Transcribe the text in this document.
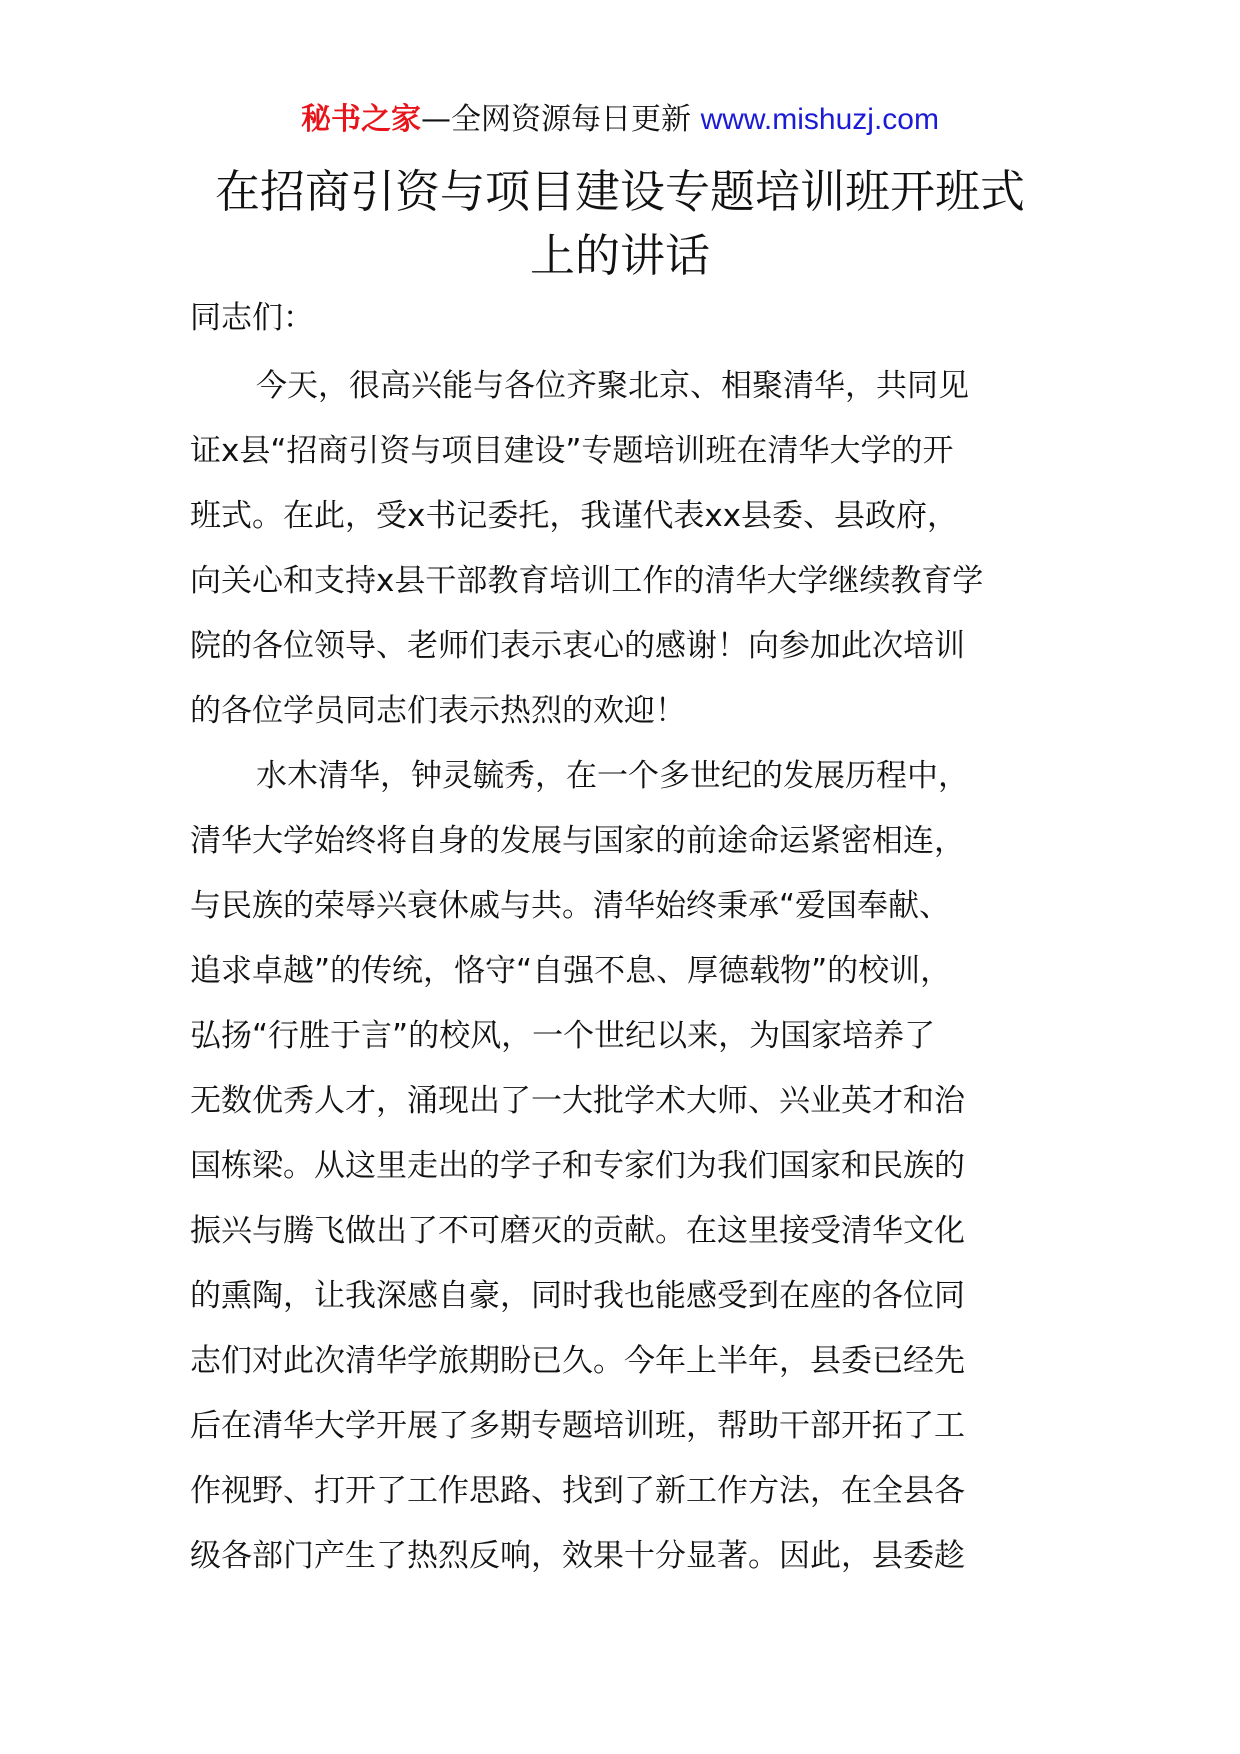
秘书之家—全网资源每日更新 www.mishuzj.com
在招商引资与项目建设专题培训班开班式
上的讲话
同志们：
今天，很高兴能与各位齐聚北京、相聚清华，共同见
证x县“招商引资与项目建设”专题培训班在清华大学的开
班式。在此，受x书记委托，我谨代表xx县委、县政府，
向关心和支持x县干部教育培训工作的清华大学继续教育学
院的各位领导、老师们表示衷心的感谢！向参加此次培训
的各位学员同志们表示热烈的欢迎！
水木清华，钟灵毓秀，在一个多世纪的发展历程中，
清华大学始终将自身的发展与国家的前途命运紧密相连，
与民族的荣辱兴衰休戚与共。清华始终秉承“爱国奉献、
追求卓越”的传统，恪守“自强不息、厚德载物”的校训，
弘扬“行胜于言”的校风，一个世纪以来，为国家培养了
无数优秀人才，涌现出了一大批学术大师、兴业英才和治
国栋梁。从这里走出的学子和专家们为我们国家和民族的
振兴与腾飞做出了不可磨灭的贡献。在这里接受清华文化
的熏陶，让我深感自豪，同时我也能感受到在座的各位同
志们对此次清华学旅期盼已久。今年上半年，县委已经先
后在清华大学开展了多期专题培训班，帮助干部开拓了工
作视野、打开了工作思路、找到了新工作方法，在全县各
级各部门产生了热烈反响，效果十分显著。因此，县委趁
